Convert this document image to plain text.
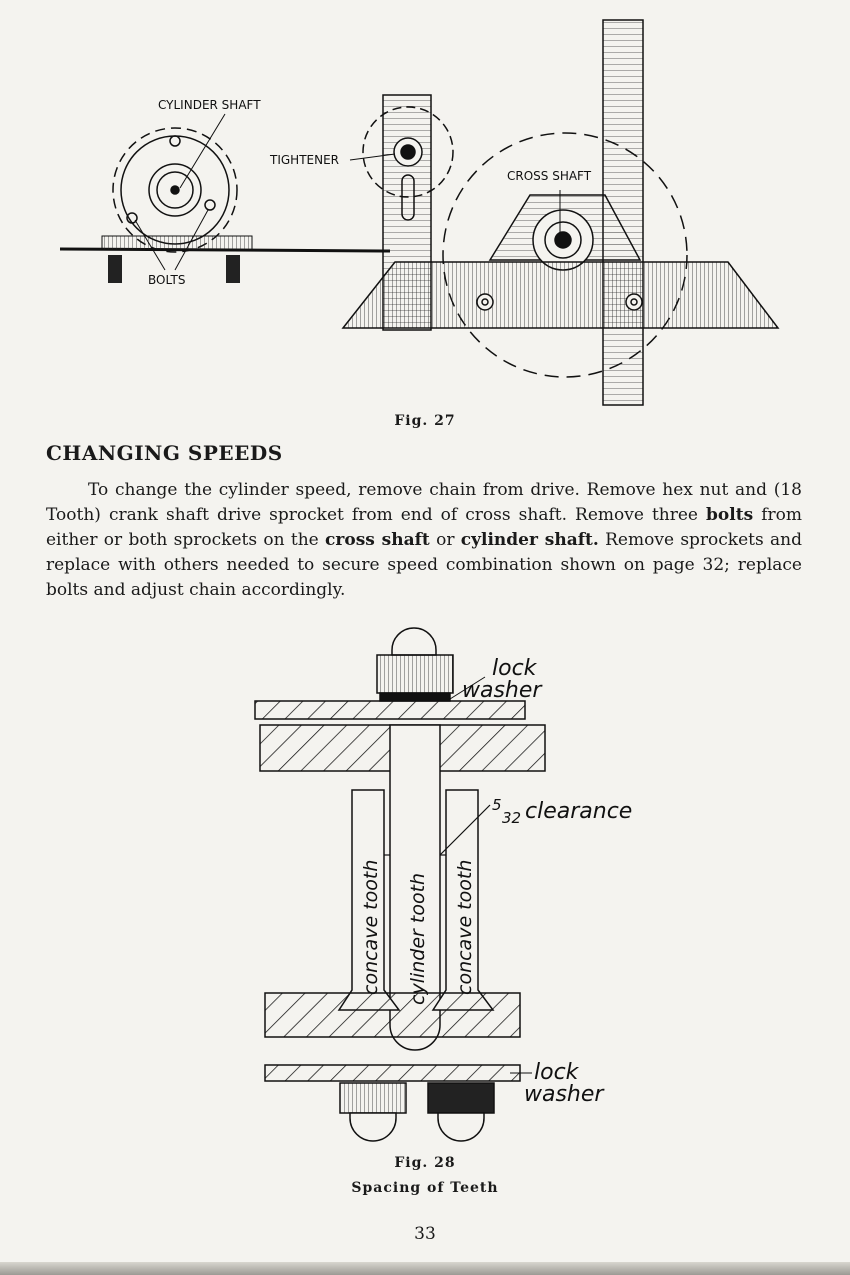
CYLINDER SHAFT
TIGHTENER
CROSS SHAFT
BOLTS
Fig. 27
CHANGING SPEEDS

To change the cylinder speed, remove chain from drive. Remove hex nut and (18 Tooth) crank shaft drive sprocket from end of cross shaft. Remove three bolts from either or both sprockets on the cross shaft or cylinder shaft. Remove sprockets and replace with others needed to secure speed combination shown on page 32; replace bolts and adjust chain accordingly.

lock
washer
5
32 clearance
concave tooth cylinder tooth concave tooth
lock
washer
Fig. 28
Spacing of Teeth
33
